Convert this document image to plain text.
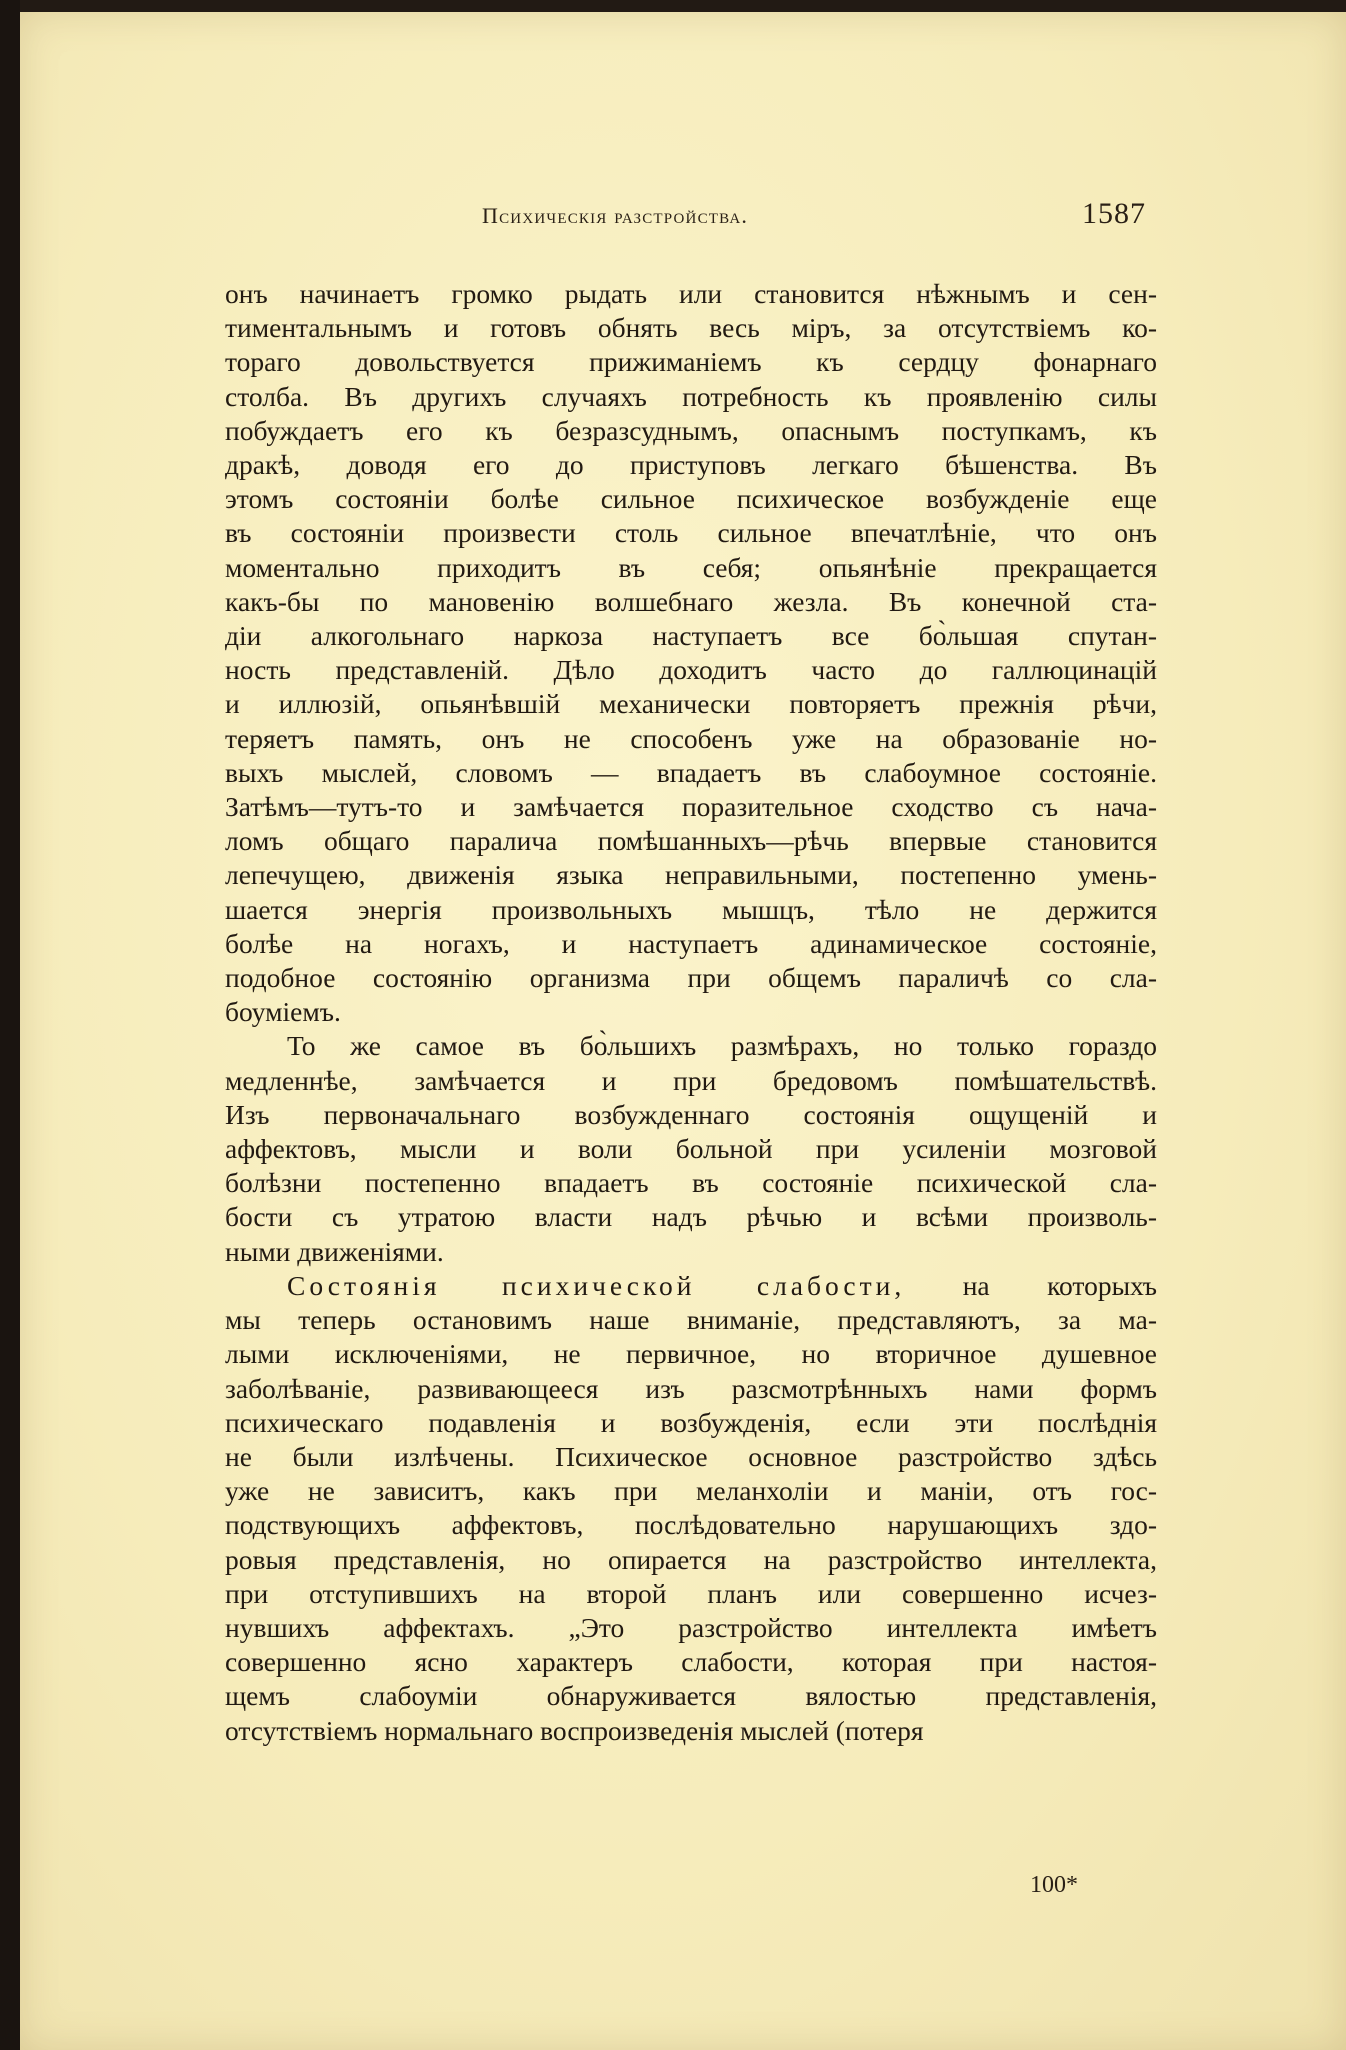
Психическія разстройства.	1587
онъ начинаетъ громко рыдать или становится нѣжнымъ и сен-
тиментальнымъ и готовъ обнять весь міръ, за отсутствіемъ ко-
тораго довольствуется прижиманіемъ къ сердцу фонарнаго
столба. Въ другихъ случаяхъ потребность къ проявленію силы
побуждаетъ его къ безразсуднымъ, опаснымъ поступкамъ, къ
дракѣ, доводя его до приступовъ легкаго бѣшенства. Въ
этомъ состояніи болѣе сильное психическое возбужденіе еще
въ состояніи произвести столь сильное впечатлѣніе, что онъ
моментально приходитъ въ себя; опьянѣніе прекращается
какъ-бы по мановенію волшебнаго жезла. Въ конечной ста-
діи алкогольнаго наркоза наступаетъ все бо̀льшая спутан-
ность представленій. Дѣло доходитъ часто до галлюцинацій
и иллюзій, опьянѣвшій механически повторяетъ прежнія рѣчи,
теряетъ память, онъ не способенъ уже на образованіе но-
выхъ мыслей, словомъ — впадаетъ въ слабоумное состояніе.
Затѣмъ—тутъ-то и замѣчается поразительное сходство съ нача-
ломъ общаго паралича помѣшанныхъ—рѣчь впервые становится
лепечущею, движенія языка неправильными, постепенно умень-
шается энергія произвольныхъ мышцъ, тѣло не держится
болѣе на ногахъ, и наступаетъ адинамическое состояніе,
подобное состоянію организма при общемъ параличѣ со сла-
боуміемъ.
То же самое въ бо̀льшихъ размѣрахъ, но только гораздо
медленнѣе, замѣчается и при бредовомъ помѣшательствѣ.
Изъ первоначальнаго возбужденнаго состоянія ощущеній и
аффектовъ, мысли и воли больной при усиленіи мозговой
болѣзни постепенно впадаетъ въ состояніе психической сла-
бости съ утратою власти надъ рѣчью и всѣми произволь-
ными движеніями.
Состоянія психической слабости, на которыхъ
мы теперь остановимъ наше вниманіе, представляютъ, за ма-
лыми исключеніями, не первичное, но вторичное душевное
заболѣваніе, развивающееся изъ разсмотрѣнныхъ нами формъ
психическаго подавленія и возбужденія, если эти послѣднія
не были излѣчены. Психическое основное разстройство здѣсь
уже не зависитъ, какъ при меланхоліи и маніи, отъ гос-
подствующихъ аффектовъ, послѣдовательно нарушающихъ здо-
ровыя представленія, но опирается на разстройство интеллекта,
при отступившихъ на второй планъ или совершенно исчез-
нувшихъ аффектахъ. „Это разстройство интеллекта имѣетъ
совершенно ясно характеръ слабости, которая при настоя-
щемъ слабоуміи обнаруживается вялостью представленія,
отсутствіемъ нормальнаго воспроизведенія мыслей (потеря
100*
